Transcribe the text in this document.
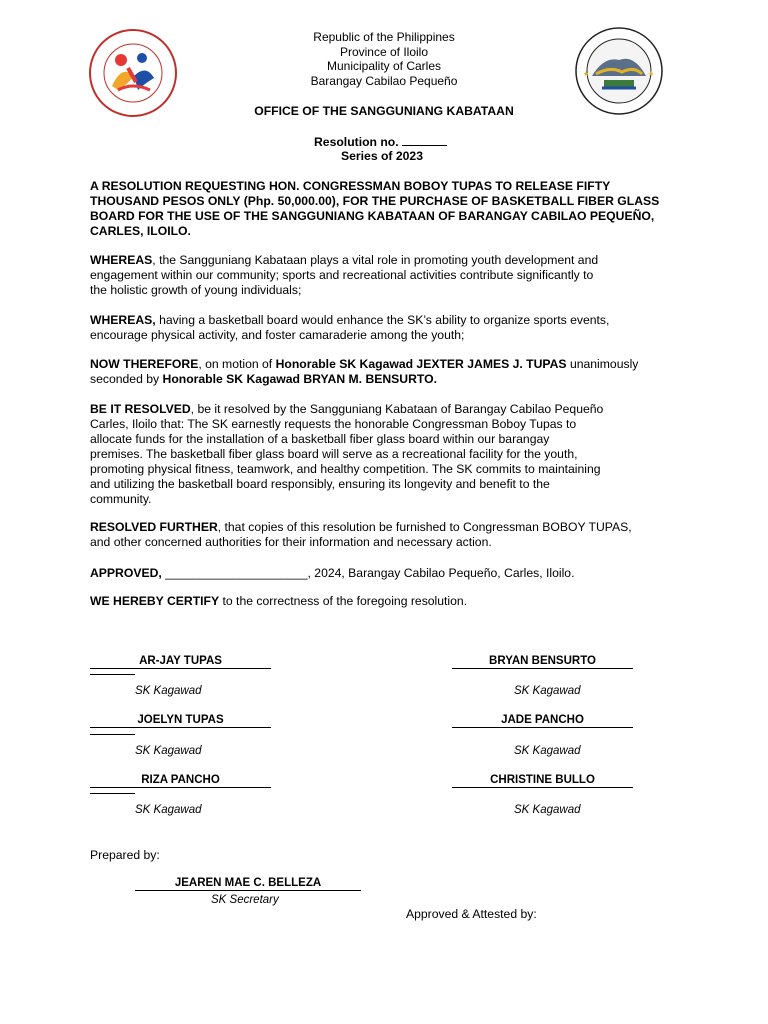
★	★
Republic of the Philippines
Province of Iloilo
Municipality of Carles
Barangay Cabilao Pequeño
OFFICE OF THE SANGGUNIANG KABATAAN
Resolution no.
Series of 2023
A RESOLUTION REQUESTING HON. CONGRESSMAN BOBOY TUPAS TO RELEASE FIFTY
THOUSAND PESOS ONLY (Php. 50,000.00), FOR THE PURCHASE OF BASKETBALL FIBER GLASS
BOARD FOR THE USE OF THE SANGGUNIANG KABATAAN OF BARANGAY CABILAO PEQUEÑO,
CARLES, ILOILO.
WHEREAS, the Sangguniang Kabataan plays a vital role in promoting youth development and
engagement within our community; sports and recreational activities contribute significantly to
the holistic growth of young individuals;
WHEREAS, having a basketball board would enhance the SK’s ability to organize sports events,
encourage physical activity, and foster camaraderie among the youth;
NOW THEREFORE, on motion of Honorable SK Kagawad JEXTER JAMES J. TUPAS unanimously
seconded by Honorable SK Kagawad BRYAN M. BENSURTO.
BE IT RESOLVED, be it resolved by the Sangguniang Kabataan of Barangay Cabilao Pequeño
Carles, Iloilo that: The SK earnestly requests the honorable Congressman Boboy Tupas to
allocate funds for the installation of a basketball fiber glass board within our barangay
premises. The basketball fiber glass board will serve as a recreational facility for the youth,
promoting physical fitness, teamwork, and healthy competition. The SK commits to maintaining
and utilizing the basketball board responsibly, ensuring its longevity and benefit to the
community.
RESOLVED FURTHER, that copies of this resolution be furnished to Congressman BOBOY TUPAS,
and other concerned authorities for their information and necessary action.
APPROVED, _____________________, 2024, Barangay Cabilao Pequeño, Carles, Iloilo.
WE HEREBY CERTIFY to the correctness of the foregoing resolution.
AR-JAY TUPAS
SK Kagawad
JOELYN TUPAS
SK Kagawad
RIZA PANCHO
SK Kagawad
BRYAN BENSURTO
SK Kagawad
JADE PANCHO
SK Kagawad
CHRISTINE BULLO
SK Kagawad
Prepared by:
JEAREN MAE C. BELLEZA
SK Secretary
Approved & Attested by:
